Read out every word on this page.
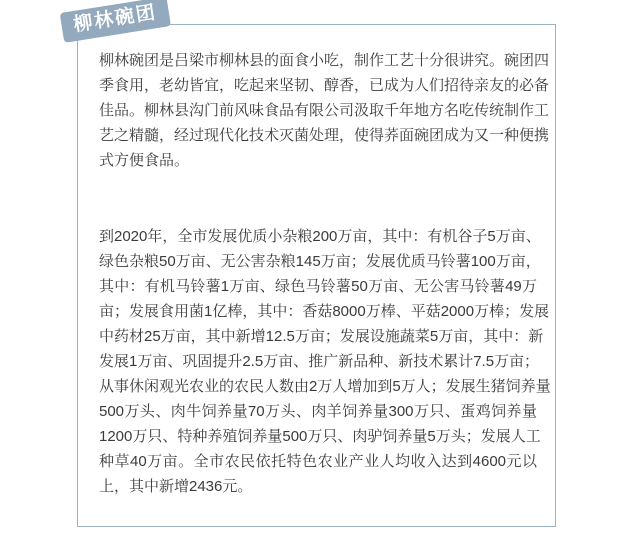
柳林碗团是吕梁市柳林县的面食小吃，制作工艺十分很讲究。碗团四
季食用，老幼皆宜，吃起来坚韧、醇香，已成为人们招待亲友的必备
佳品。柳林县沟门前风味食品有限公司汲取千年地方名吃传统制作工
艺之精髓，经过现代化技术灭菌处理，使得荞面碗团成为又一种便携
式方便食品。
到2020年，全市发展优质小杂粮200万亩，其中：有机谷子5万亩、
绿色杂粮50万亩、无公害杂粮145万亩；发展优质马铃薯100万亩，
其中：有机马铃薯1万亩、绿色马铃薯50万亩、无公害马铃薯49万
亩；发展食用菌1亿棒，其中：香菇8000万棒、平菇2000万棒；发展
中药材25万亩，其中新增12.5万亩；发展设施蔬菜5万亩，其中：新
发展1万亩、巩固提升2.5万亩、推广新品种、新技术累计7.5万亩；
从事休闲观光农业的农民人数由2万人增加到5万人；发展生猪饲养量
500万头、肉牛饲养量70万头、肉羊饲养量300万只、蛋鸡饲养量
1200万只、特种养殖饲养量500万只、肉驴饲养量5万头；发展人工
种草40万亩。全市农民依托特色农业产业人均收入达到4600元以
上，其中新增2436元。
柳林碗团
